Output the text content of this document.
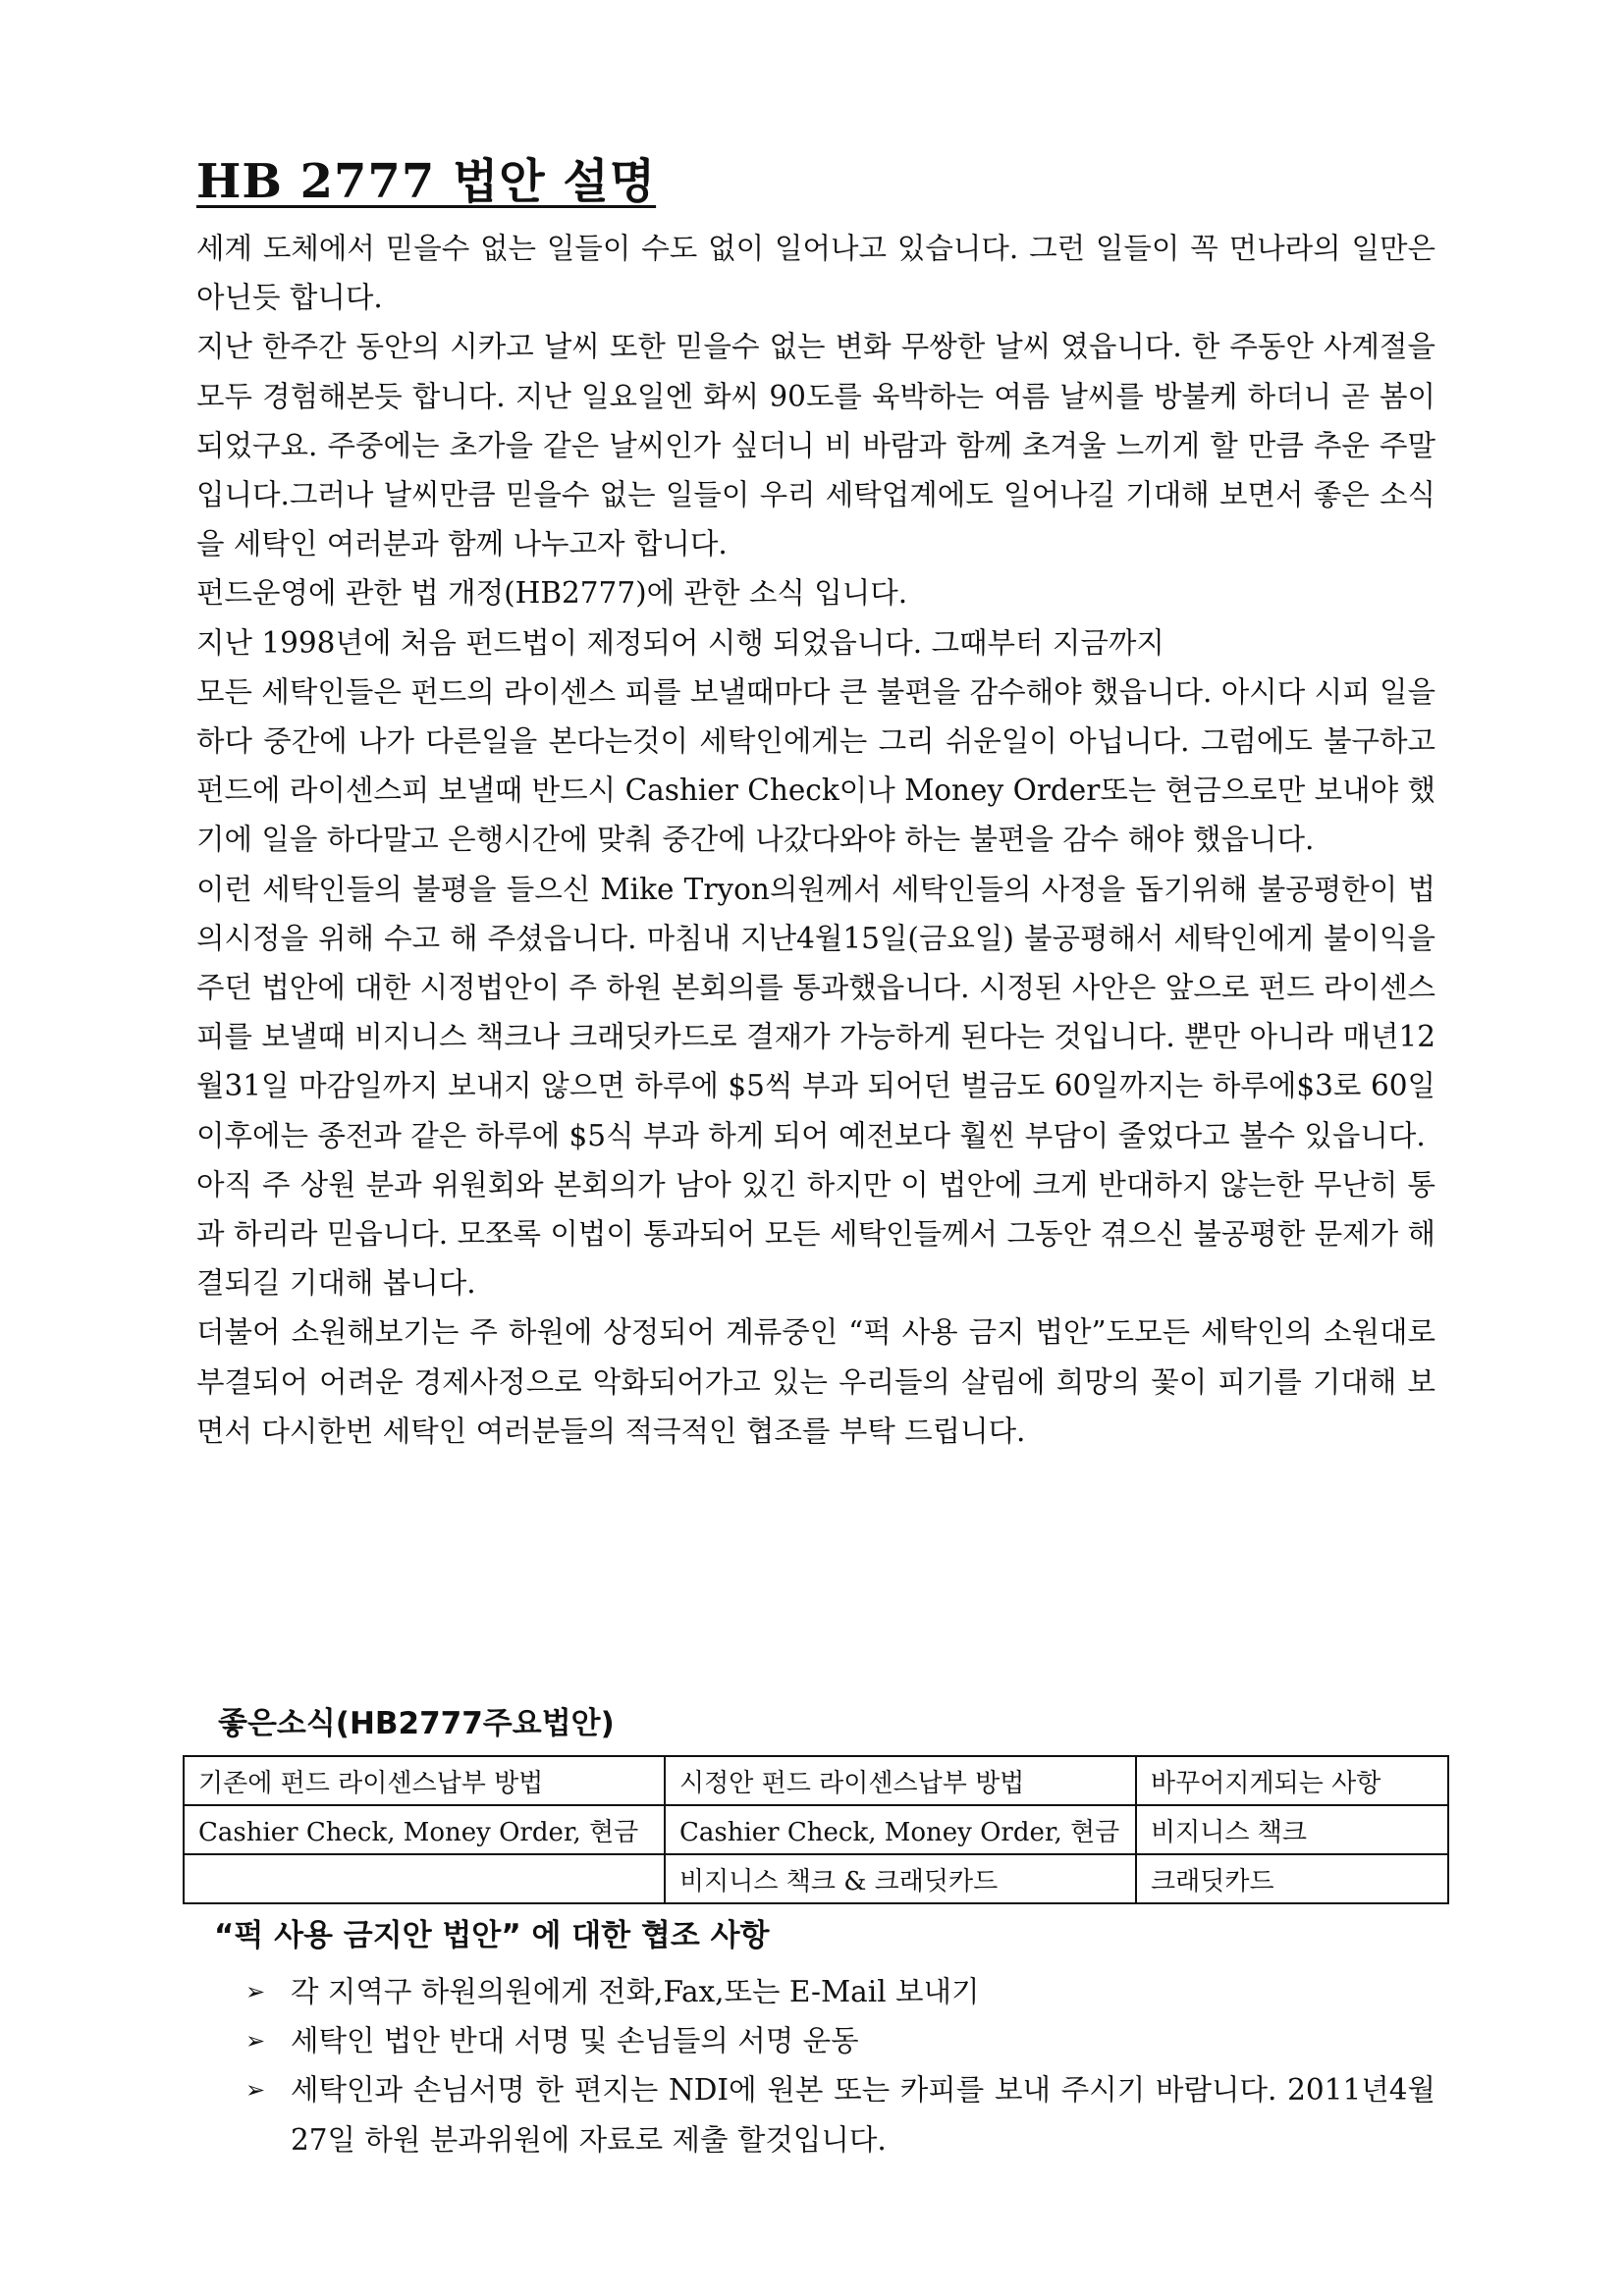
HB 2777 법안 설명

세계 도체에서 믿을수 없는 일들이 수도 없이 일어나고 있습니다. 그런 일들이 꼭 먼나라의 일만은 아닌듯 합니다.

지난 한주간 동안의 시카고 날씨 또한 믿을수 없는 변화 무쌍한 날씨 였읍니다. 한 주동안 사계절을 모두 경험해본듯 합니다. 지난 일요일엔 화씨 90도를 육박하는 여름 날씨를 방불케 하더니 곧 봄이 되었구요. 주중에는 초가을 같은 날씨인가 싶더니 비 바람과 함께 초겨울 느끼게 할 만큼 추운 주말입니다.그러나 날씨만큼 믿을수 없는 일들이 우리 세탁업계에도 일어나길 기대해 보면서 좋은 소식을 세탁인 여러분과 함께 나누고자 합니다.

펀드운영에 관한 법 개정(HB2777)에 관한 소식 입니다.

지난 1998년에 처음 펀드법이 제정되어 시행 되었읍니다. 그때부터 지금까지

모든 세탁인들은 펀드의 라이센스 피를 보낼때마다 큰 불편을 감수해야 했읍니다. 아시다 시피 일을 하다 중간에 나가 다른일을 본다는것이 세탁인에게는 그리 쉬운일이 아닙니다. 그럼에도 불구하고 펀드에 라이센스피 보낼때 반드시 Cashier Check이나 Money Order또는 현금으로만 보내야 했기에 일을 하다말고 은행시간에 맞춰 중간에 나갔다와야 하는 불편을 감수 해야 했읍니다.

이런 세탁인들의 불평을 들으신 Mike Tryon의원께서 세탁인들의 사정을 돕기위해 불공평한이 법의시정을 위해 수고 해 주셨읍니다. 마침내 지난4월15일(금요일) 불공평해서 세탁인에게 불이익을 주던 법안에 대한 시정법안이 주 하원 본회의를 통과했읍니다. 시정된 사안은 앞으로 펀드 라이센스피를 보낼때 비지니스 책크나 크래딧카드로 결재가 가능하게 된다는 것입니다. 뿐만 아니라 매년12월31일 마감일까지 보내지 않으면 하루에 $5씩 부과 되어던 벌금도 60일까지는 하루에$3로 60일 이후에는 종전과 같은 하루에 $5식 부과 하게 되어 예전보다 훨씬 부담이 줄었다고 볼수 있읍니다.

아직 주 상원 분과 위원회와 본회의가 남아 있긴 하지만 이 법안에 크게 반대하지 않는한 무난히 통과 하리라 믿읍니다. 모쪼록 이법이 통과되어 모든 세탁인들께서 그동안 겪으신 불공평한 문제가 해결되길 기대해 봅니다.

더불어 소원해보기는 주 하원에 상정되어 계류중인 “퍽 사용 금지 법안”도모든 세탁인의 소원대로 부결되어 어려운 경제사정으로 악화되어가고 있는 우리들의 살림에 희망의 꽃이 피기를 기대해 보면서 다시한번 세탁인 여러분들의 적극적인 협조를 부탁 드립니다.

좋은소식(HB2777주요법안)
기존에 펀드 라이센스납부 방법	시정안 펀드 라이센스납부 방법	바꾸어지게되는 사항
Cashier Check, Money Order, 현금	Cashier Check, Money Order, 현금	비지니스 책크
	비지니스 책크 & 크래딧카드	크래딧카드
“퍽 사용 금지안 법안” 에 대한 협조 사항
➢ 각 지역구 하원의원에게 전화,Fax,또는 E-Mail 보내기
➢ 세탁인 법안 반대 서명 및 손님들의 서명 운동
➢ 세탁인과 손님서명 한 편지는 NDI에 원본 또는 카피를 보내 주시기 바람니다. 2011년4월27일 하원 분과위원에 자료로 제출 할것입니다.
